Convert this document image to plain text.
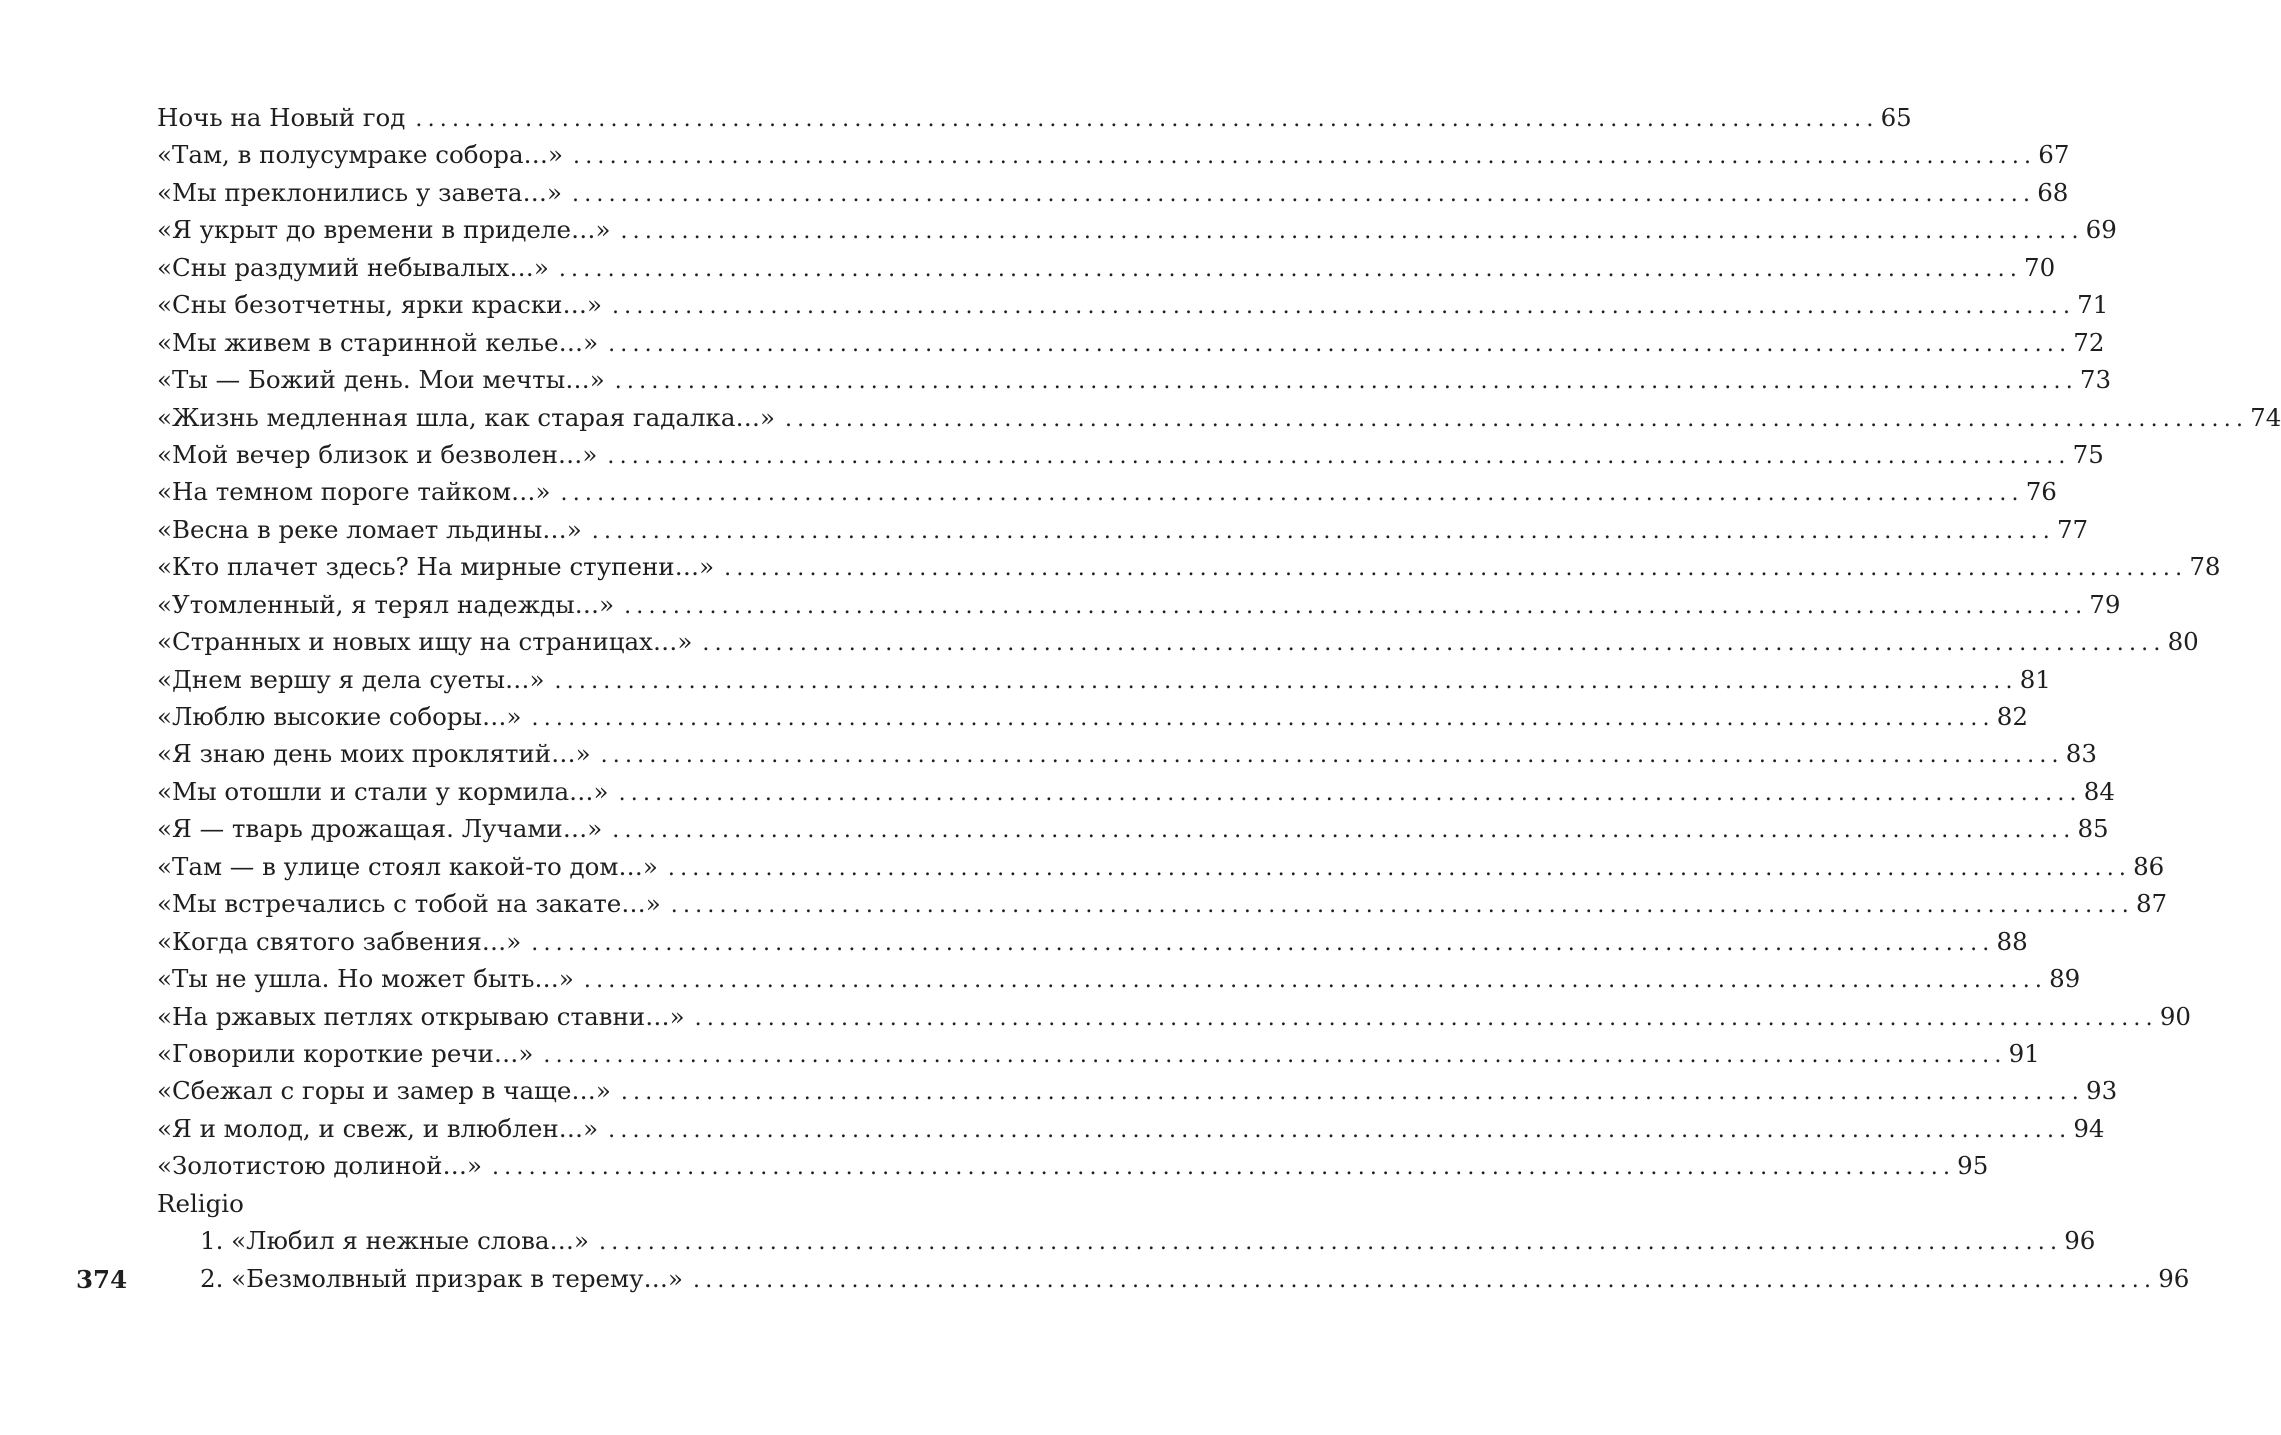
Ночь на Новый год ........................................................................................................................ 65
«Там, в полусумраке собора…» ........................................................................................................................ 67
«Мы преклонились у завета…» ........................................................................................................................ 68
«Я укрыт до времени в приделе…» ........................................................................................................................ 69
«Сны раздумий небывалых…» ........................................................................................................................ 70
«Сны безотчетны, ярки краски…» ........................................................................................................................ 71
«Мы живем в старинной келье…» ........................................................................................................................ 72
«Ты — Божий день. Мои мечты…» ........................................................................................................................ 73
«Жизнь медленная шла, как старая гадалка…» ........................................................................................................................ 74
«Мой вечер близок и безволен…» ........................................................................................................................ 75
«На темном пороге тайком…» ........................................................................................................................ 76
«Весна в реке ломает льдины…» ........................................................................................................................ 77
«Кто плачет здесь? На мирные ступени…» ........................................................................................................................ 78
«Утомленный, я терял надежды…» ........................................................................................................................ 79
«Странных и новых ищу на страницах…» ........................................................................................................................ 80
«Днем вершу я дела суеты…» ........................................................................................................................ 81
«Люблю высокие соборы…» ........................................................................................................................ 82
«Я знаю день моих проклятий…» ........................................................................................................................ 83
«Мы отошли и стали у кормила…» ........................................................................................................................ 84
«Я — тварь дрожащая. Лучами…» ........................................................................................................................ 85
«Там — в улице стоял какой-то дом…» ........................................................................................................................ 86
«Мы встречались с тобой на закате…» ........................................................................................................................ 87
«Когда святого забвения…» ........................................................................................................................ 88
«Ты не ушла. Но может быть…» ........................................................................................................................ 89
«На ржавых петлях открываю ставни…» ........................................................................................................................ 90
«Говорили короткие речи…» ........................................................................................................................ 91
«Сбежал с горы и замер в чаще…» ........................................................................................................................ 93
«Я и молод, и свеж, и влюблен…» ........................................................................................................................ 94
«Золотистою долиной…» ........................................................................................................................ 95
Religio
1. «Любил я нежные слова…» ........................................................................................................................ 96
2. «Безмолвный призрак в терему…» ........................................................................................................................ 96
374
